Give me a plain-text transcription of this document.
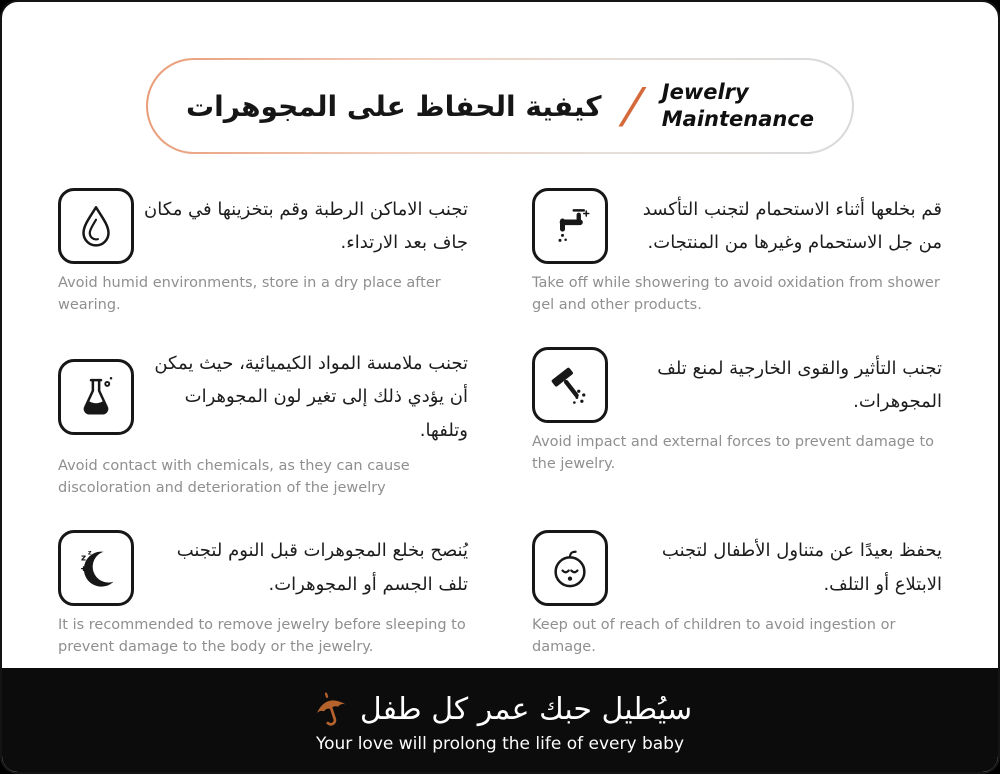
كيفية الحفاظ على المجوهرات / Jewelry
Maintenance
تجنب الاماكن الرطبة وقم بتخزينها في مكان جاف بعد الارتداء.
Avoid humid environments, store in a dry place after wearing.
قم بخلعها أثناء الاستحمام لتجنب التأكسد من جل الاستحمام وغيرها من المنتجات.
Take off while showering to avoid oxidation from shower gel and other products.
تجنب ملامسة المواد الكيميائية، حيث يمكن أن يؤدي ذلك إلى تغير لون المجوهرات وتلفها.
Avoid contact with chemicals, as they can cause discoloration and deterioration of the jewelry
تجنب التأثير والقوى الخارجية لمنع تلف المجوهرات.
Avoid impact and external forces to prevent damage to the jewelry.
z
z	يُنصح بخلع المجوهرات قبل النوم لتجنب تلف الجسم أو المجوهرات.
It is recommended to remove jewelry before sleeping to prevent damage to the body or the jewelry.
يحفظ بعيدًا عن متناول الأطفال لتجنب الابتلاع أو التلف.
Keep out of reach of children to avoid ingestion or damage.
سيُطيل حبك عمر كل طفل
Your love will prolong the life of every baby
